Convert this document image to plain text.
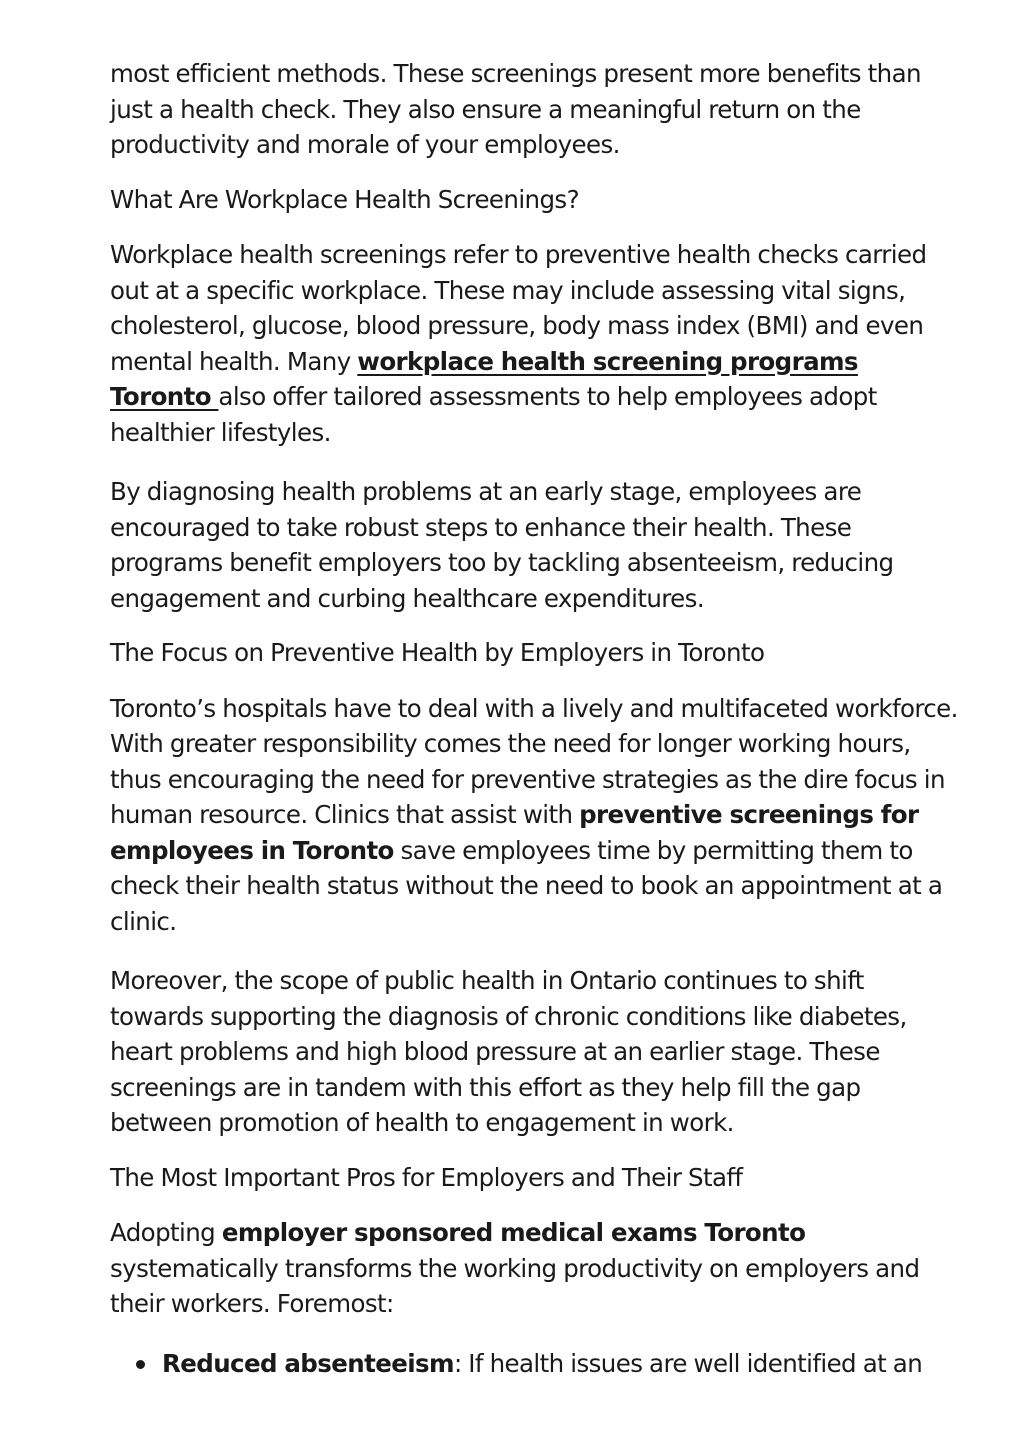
most efficient methods. These screenings present more benefits than just a health check. They also ensure a meaningful return on the productivity and morale of your employees.

What Are Workplace Health Screenings?

Workplace health screenings refer to preventive health checks carried out at a specific workplace. These may include assessing vital signs, cholesterol, glucose, blood pressure, body mass index (BMI) and even mental health. Many workplace health screening programs Toronto also offer tailored assessments to help employees adopt healthier lifestyles.

By diagnosing health problems at an early stage, employees are encouraged to take robust steps to enhance their health. These programs benefit employers too by tackling absenteeism, reducing engagement and curbing healthcare expenditures.

The Focus on Preventive Health by Employers in Toronto

Toronto’s hospitals have to deal with a lively and multifaceted workforce. With greater responsibility comes the need for longer working hours, thus encouraging the need for preventive strategies as the dire focus in human resource. Clinics that assist with preventive screenings for employees in Toronto save employees time by permitting them to check their health status without the need to book an appointment at a clinic.

Moreover, the scope of public health in Ontario continues to shift towards supporting the diagnosis of chronic conditions like diabetes, heart problems and high blood pressure at an earlier stage. These screenings are in tandem with this effort as they help fill the gap between promotion of health to engagement in work.

The Most Important Pros for Employers and Their Staff

Adopting employer sponsored medical exams Toronto systematically transforms the working productivity on employers and their workers. Foremost:

Reduced absenteeism: If health issues are well identified at an
